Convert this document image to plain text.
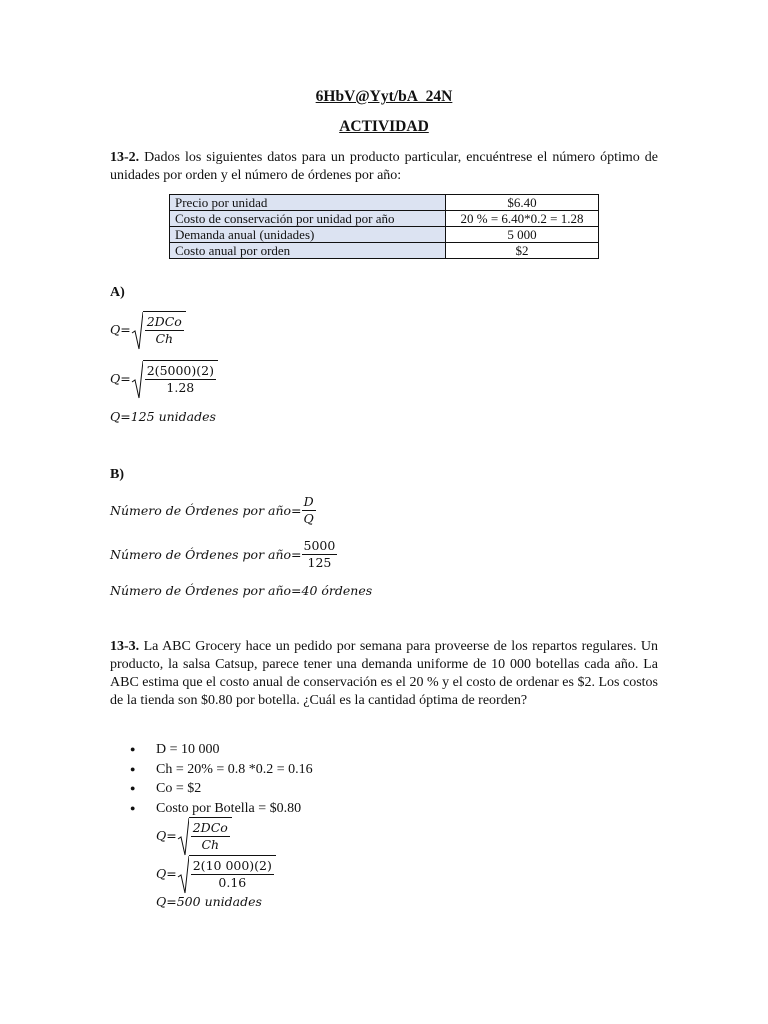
6HbV@Yyt/bA_24N
ACTIVIDAD
13-2. Dados los siguientes datos para un producto particular, encuéntrese el número óptimo de unidades por orden y el número de órdenes por año:
Precio por unidad	$6.40
Costo de conservación por unidad por año	20 % = 6.40*0.2 = 1.28
Demanda anual (unidades)	5 000
Costo anual por orden	$2
A)
$Q= \frac{\text{2DCo}}{Ch}$
$Q= \frac{2(5000)(2)}{1.28}$
Q=125 unidades
B)
Número de Órdenes por año= $\frac{D}{Q}$
Número de Órdenes por año= $\frac{5000}{125}$
Número de Órdenes por año=40 órdenes
13-3. La ABC Grocery hace un pedido por semana para proveerse de los repartos regulares. Un producto, la salsa Catsup, parece tener una demanda uniforme de 10 000 botellas cada año. La ABC estima que el costo anual de conservación es el 20 % y el costo de ordenar es $2. Los costos de la tienda son $0.80 por botella. ¿Cuál es la cantidad óptima de reorden?
● D = 10 000
● Ch = 20% = 0.8 *0.2 = 0.16
● Co = $2
● Costo por Botella = $0.80
$Q= \frac{\text{2DCo}}{Ch}$
$Q= \frac{2(10 000)(2)}{0.16}$
Q=500 unidades
